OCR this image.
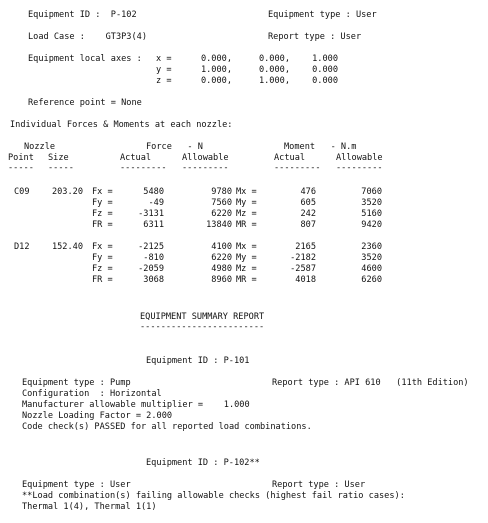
Equipment ID :  P-102	Equipment type : User
Load Case :    GT3P3(4)	Report type : User
Equipment local axes : x =	0.000,	0.000,	1.000
y =	1.000,	0.000,	0.000
z =	0.000,	1.000,	0.000
Reference point = None
Individual Forces & Moments at each nozzle:
Nozzle	Force   - N	Moment   - N.m
Point Size	Actual	Allowable	Actual	Allowable
----- -----	--------- ---------	--------- ---------
C09	203.20 Fx =	5480	9780 Mx =	476	7060
Fy =	-49	7560 My =	605	3520
Fz =	-3131	6220 Mz =	242	5160
FR =	6311	13840 MR =	807	9420
D12	152.40 Fx =	-2125	4100 Mx =	2165	2360
Fy =	-810	6220 My =	-2182	3520
Fz =	-2059	4980 Mz =	-2587	4600
FR =	3068	8960 MR =	4018	6260
EQUIPMENT SUMMARY REPORT
------------------------
Equipment ID : P-101
Equipment type : Pump	Report type : API 610   (11th Edition)
Configuration  : Horizontal
Manufacturer allowable multiplier =    1.000
Nozzle Loading Factor = 2.000
Code check(s) PASSED for all reported load combinations.
Equipment ID : P-102**
Equipment type : User	Report type : User
**Load combination(s) failing allowable checks (highest fail ratio cases):
Thermal 1(4), Thermal 1(1)
